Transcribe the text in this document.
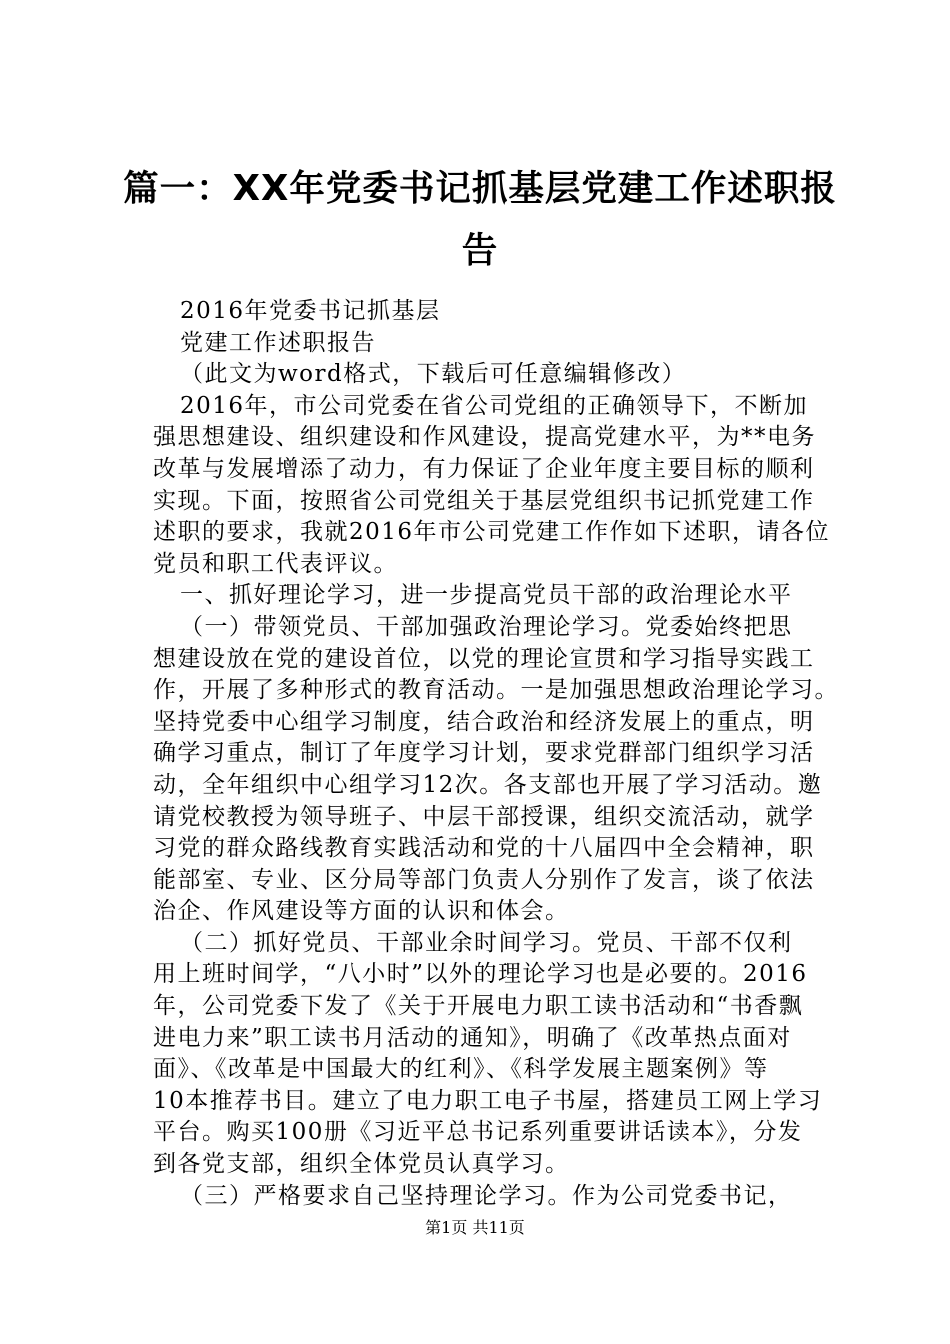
篇一：XX年党委书记抓基层党建工作述职报
告
2016年党委书记抓基层
党建工作述职报告
（此文为word格式，下载后可任意编辑修改）
2016年，市公司党委在省公司党组的正确领导下，不断加
强思想建设、组织建设和作风建设，提高党建水平，为**电务
改革与发展增添了动力，有力保证了企业年度主要目标的顺利
实现。下面，按照省公司党组关于基层党组织书记抓党建工作
述职的要求，我就2016年市公司党建工作作如下述职，请各位
党员和职工代表评议。
一、抓好理论学习，进一步提高党员干部的政治理论水平
（一）带领党员、干部加强政治理论学习。党委始终把思
想建设放在党的建设首位，以党的理论宣贯和学习指导实践工
作，开展了多种形式的教育活动。一是加强思想政治理论学习。
坚持党委中心组学习制度，结合政治和经济发展上的重点，明
确学习重点，制订了年度学习计划，要求党群部门组织学习活
动，全年组织中心组学习12次。各支部也开展了学习活动。邀
请党校教授为领导班子、中层干部授课，组织交流活动，就学
习党的群众路线教育实践活动和党的十八届四中全会精神，职
能部室、专业、区分局等部门负责人分别作了发言，谈了依法
治企、作风建设等方面的认识和体会。
（二）抓好党员、干部业余时间学习。党员、干部不仅利
用上班时间学，“八小时”以外的理论学习也是必要的。2016
年，公司党委下发了《关于开展电力职工读书活动和“书香飘
进电力来”职工读书月活动的通知》，明确了《改革热点面对
面》、《改革是中国最大的红利》、《科学发展主题案例》等
10本推荐书目。建立了电力职工电子书屋，搭建员工网上学习
平台。购买100册《习近平总书记系列重要讲话读本》，分发
到各党支部，组织全体党员认真学习。
（三）严格要求自己坚持理论学习。作为公司党委书记，
第1页 共11页
